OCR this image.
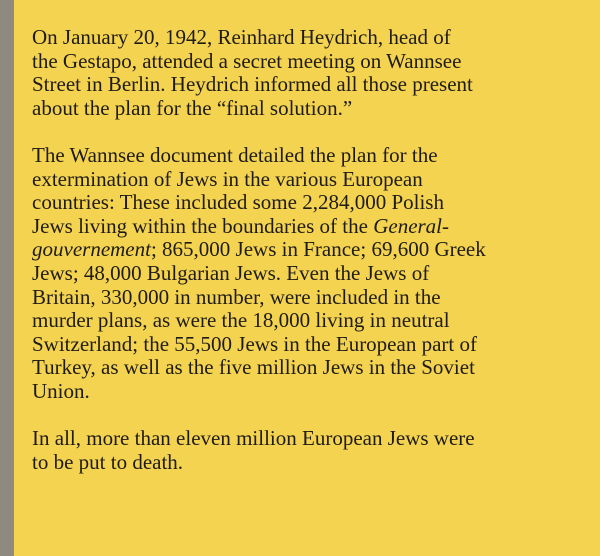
On January 20, 1942, Reinhard Heydrich, head of
the Gestapo, attended a secret meeting on Wannsee
Street in Berlin. Heydrich informed all those present
about the plan for the “final solution.”

The Wannsee document detailed the plan for the
extermination of Jews in the various European
countries: These included some 2,284,000 Polish
Jews living within the boundaries of the General-
gouvernement; 865,000 Jews in France; 69,600 Greek
Jews; 48,000 Bulgarian Jews. Even the Jews of
Britain, 330,000 in number, were included in the
murder plans, as were the 18,000 living in neutral
Switzerland; the 55,500 Jews in the European part of
Turkey, as well as the five million Jews in the Soviet
Union.

In all, more than eleven million European Jews were
to be put to death.
